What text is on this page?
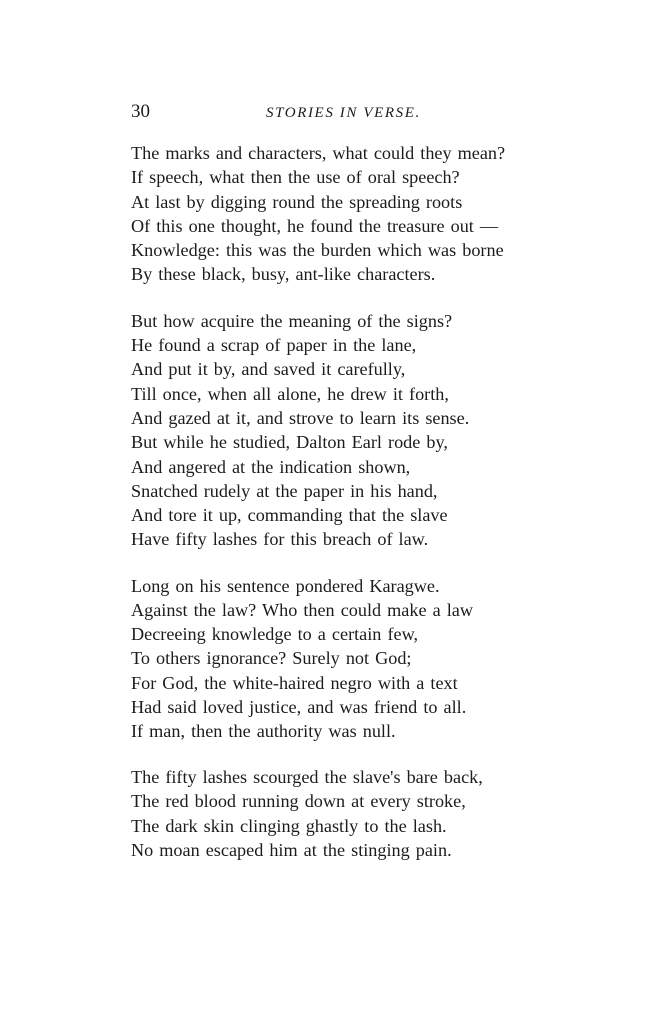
30	STORIES IN VERSE.
The marks and characters, what could they mean?
If speech, what then the use of oral speech?
At last by digging round the spreading roots
Of this one thought, he found the treasure out —
Knowledge: this was the burden which was borne
By these black, busy, ant-like characters.
But how acquire the meaning of the signs?
He found a scrap of paper in the lane,
And put it by, and saved it carefully,
Till once, when all alone, he drew it forth,
And gazed at it, and strove to learn its sense.
But while he studied, Dalton Earl rode by,
And angered at the indication shown,
Snatched rudely at the paper in his hand,
And tore it up, commanding that the slave
Have fifty lashes for this breach of law.
Long on his sentence pondered Karagwe.
Against the law? Who then could make a law
Decreeing knowledge to a certain few,
To others ignorance? Surely not God;
For God, the white-haired negro with a text
Had said loved justice, and was friend to all.
If man, then the authority was null.
The fifty lashes scourged the slave's bare back,
The red blood running down at every stroke,
The dark skin clinging ghastly to the lash.
No moan escaped him at the stinging pain.
